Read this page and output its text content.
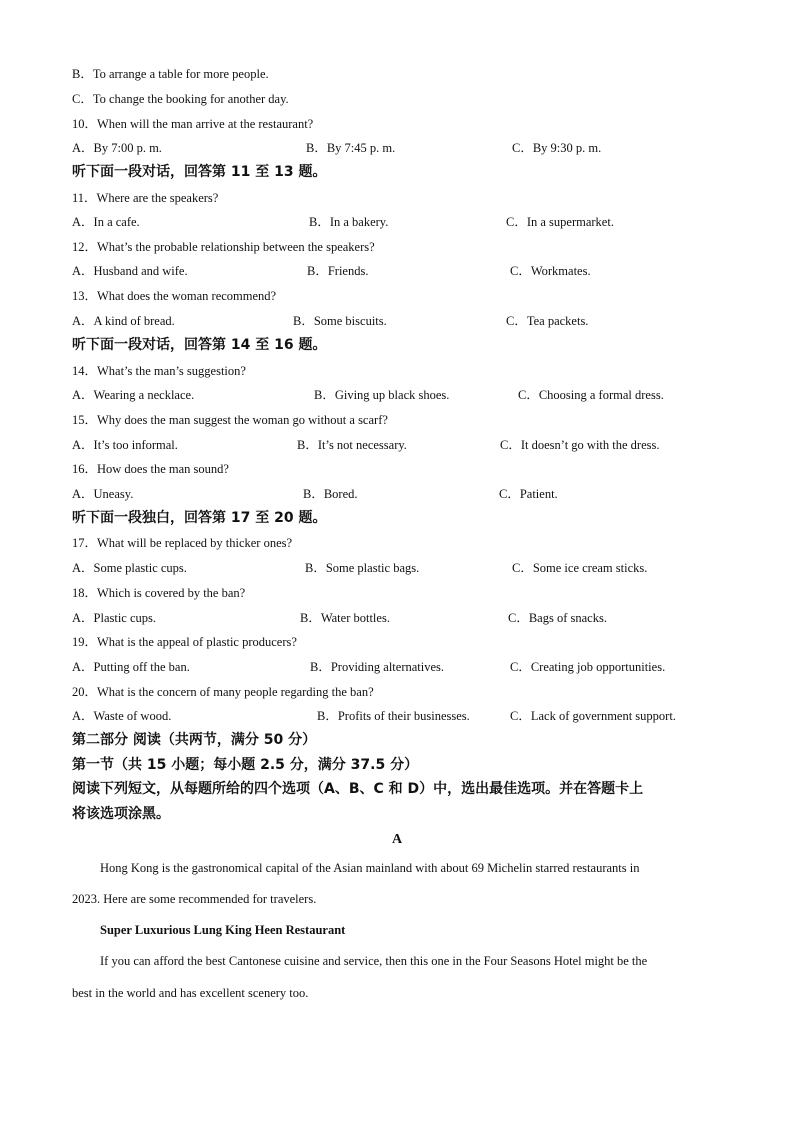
B．To arrange a table for more people.
C．To change the booking for another day.
10．When will the man arrive at the restaurant?
A．By 7:00 p. m.	B．By 7:45 p. m.	C．By 9:30 p. m.
听下面一段对话，回答第 11 至 13 题。
11．Where are the speakers?
A．In a cafe.	B．In a bakery.	C．In a supermarket.
12．What’s the probable relationship between the speakers?
A．Husband and wife.	B．Friends.	C．Workmates.
13．What does the woman recommend?
A．A kind of bread.	B．Some biscuits.	C．Tea packets.
听下面一段对话，回答第 14 至 16 题。
14．What’s the man’s suggestion?
A．Wearing a necklace.	B．Giving up black shoes.	C．Choosing a formal dress.
15．Why does the man suggest the woman go without a scarf?
A．It’s too informal.	B．It’s not necessary.	C．It doesn’t go with the dress.
16．How does the man sound?
A．Uneasy.	B．Bored.	C．Patient.
听下面一段独白，回答第 17 至 20 题。
17．What will be replaced by thicker ones?
A．Some plastic cups.	B．Some plastic bags.	C．Some ice cream sticks.
18．Which is covered by the ban?
A．Plastic cups.	B．Water bottles.	C．Bags of snacks.
19．What is the appeal of plastic producers?
A．Putting off the ban.	B．Providing alternatives.	C．Creating job opportunities.
20．What is the concern of many people regarding the ban?
A．Waste of wood.	B．Profits of their businesses.	C．Lack of government support.
第二部分 阅读（共两节，满分 50 分）
第一节（共 15 小题；每小题 2.5 分，满分 37.5 分）
阅读下列短文，从每题所给的四个选项（A、B、C 和 D）中，选出最佳选项。并在答题卡上
将该选项涂黑。
A
Hong Kong is the gastronomical capital of the Asian mainland with about 69 Michelin starred restaurants in
2023. Here are some recommended for travelers.
Super Luxurious Lung King Heen Restaurant
If you can afford the best Cantonese cuisine and service, then this one in the Four Seasons Hotel might be the
best in the world and has excellent scenery too.
